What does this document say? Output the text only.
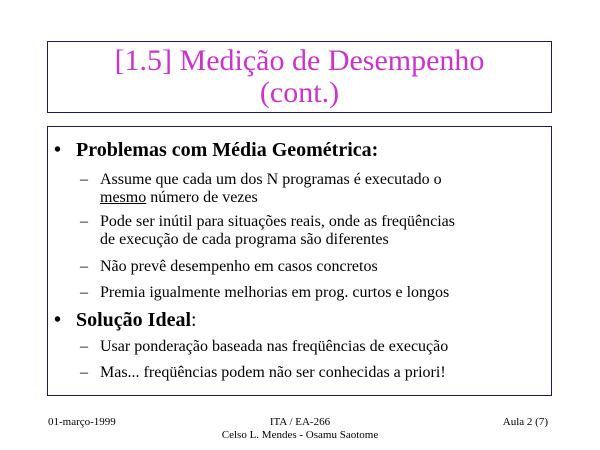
[1.5] Medição de Desempenho
(cont.)
• Problemas com Média Geométrica:
– Assume que cada um dos N programas é executado o
mesmo número de vezes
– Pode ser inútil para situações reais, onde as freqüências
de execução de cada programa são diferentes
– Não prevê desempenho em casos concretos
– Premia igualmente melhorias em prog. curtos e longos
• Solução Ideal:
– Usar ponderação baseada nas freqüências de execução
– Mas... freqüências podem não ser conhecidas a priori!
01-março-1999	ITA / EA-266
Celso L. Mendes - Osamu Saotome
Aula 2 (7)
